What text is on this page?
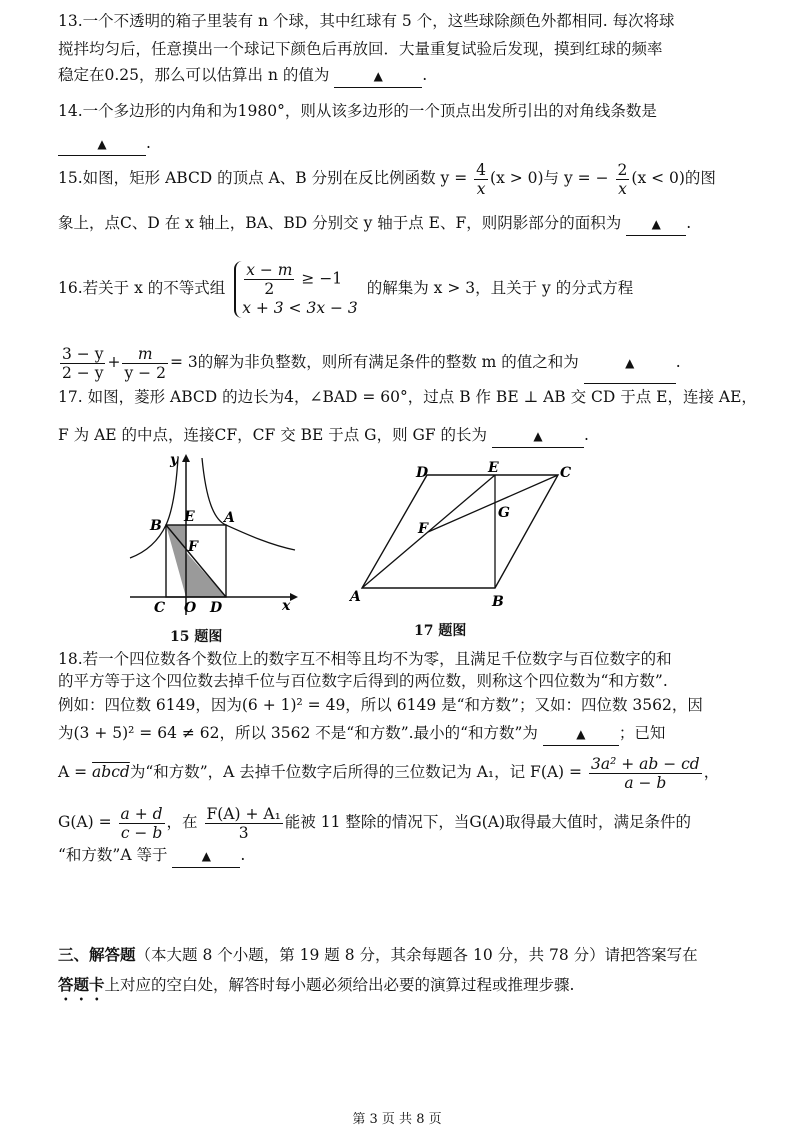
13.一个不透明的箱子里装有 n 个球，其中红球有 5 个，这些球除颜色外都相同. 每次将球
搅拌均匀后，任意摸出一个球记下颜色后再放回．大量重复试验后发现，摸到红球的频率
稳定在0.25，那么可以估算出 n 的值为	▲	.
14.一个多边形的内角和为1980°，则从该多边形的一个顶点出发所引出的对角线条数是
▲	.
15.如图，矩形 ABCD 的顶点 A、B 分别在反比例函数 $y = \frac{4}{x} (x > 0)$与 y = − $\frac{2}{x} (x < 0)$的图
象上，点C、D 在 x 轴上，BA、BD 分别交 y 轴于点 E、F，则阴影部分的面积为	▲ .
16.若关于 x 的不等式组 $\frac{x - m}{2} \ge -1$
x + 3 < 3x − 3
的解集为 x > 3，且关于 y 的分式方程
$\frac{3 - y}{2 - y} + \frac{m}{y - 2} = 3$的解为非负整数，则所有满足条件的整数 m 的值之和为	▲	.
17. 如图，菱形 ABCD 的边长为4，∠BAD = 60°，过点 B 作 BE ⊥ AB 交 CD 于点 E，连接 AE，
F 为 AE 的中点，连接CF，CF 交 BE 于点 G，则 GF 的长为	▲	.
y
x
B
E A
F
C O D
15 题图
D	E	C
F
G
A	B
17 题图
18.若一个四位数各个数位上的数字互不相等且均不为零，且满足千位数字与百位数字的和
的平方等于这个四位数去掉千位与百位数字后得到的两位数，则称这个四位数为“和方数”.
例如：四位数 6149，因为(6 + 1)² = 49，所以 6149 是“和方数”；又如：四位数 3562，因
为(3 + 5)² = 64 ≠ 62，所以 3562 不是“和方数”.最小的“和方数”为	▲ ；已知
A = abcd为“和方数”，A 去掉千位数字后所得的三位数记为 A₁，记 $F(A) = \frac{\text{3a² + ab − cd}}{a - b}$ ，
$G(A) = \frac{a + d}{c - b}$ ，在 $\frac{\text{F(A) + A₁}}{3}$ 能被 11 整除的情况下，当G(A)取得最大值时，满足条件的
“和方数”A 等于	▲ .
三、解答题（本大题 8 个小题，第 19 题 8 分，其余每题各 10 分，共 78 分）请把答案写在
答题卡上对应的空白处，解答时每小题必须给出必要的演算过程或推理步骤.
第 3 页 共 8 页
